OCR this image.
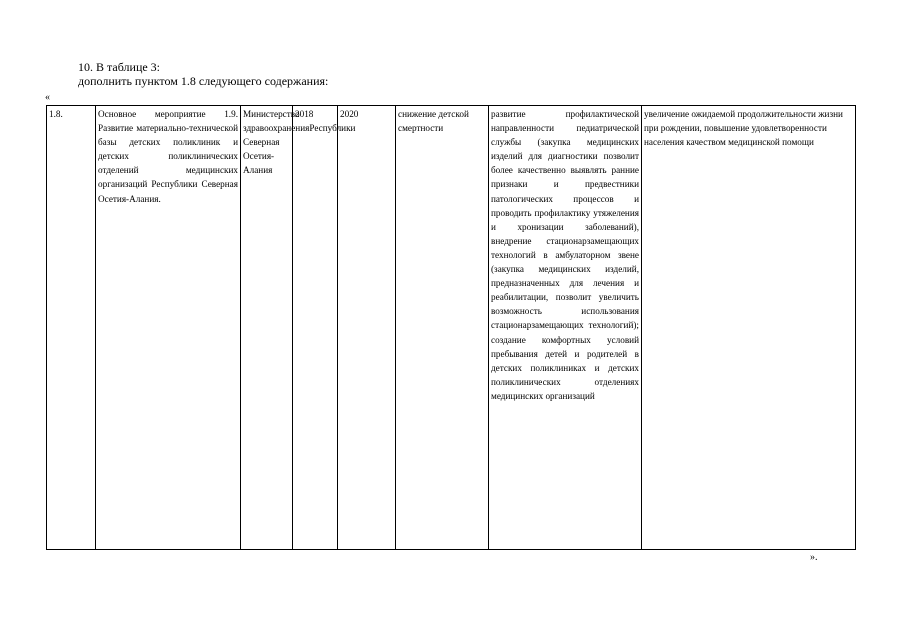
10. В таблице 3:
дополнить пунктом 1.8 следующего содержания:
«
1.8.	Основное мероприятие 1.9. Развитие материально-технической базы детских поликлиник и детских поликлинических отделений медицинских организаций Республики Северная Осетия-Алания.	Министерство здравоохраненияРеспублики Северная Осетия-Алания	2018	2020	снижение детской смертности	развитие профилактической направленности педиатрической службы (закупка медицинских изделий для диагностики позволит более качественно выявлять ранние признаки и предвестники патологических процессов и проводить профилактику утяжеления и хронизации заболеваний), внедрение стационарзамещающих технологий в амбулаторном звене (закупка медицинских изделий, предназначенных для лечения и реабилитации, позволит увеличить возможность использования стационарзамещающих технологий); создание комфортных условий пребывания детей и родителей в детских поликлиниках и детских поликлинических отделениях медицинских организаций	увеличение ожидаемой продолжительности жизни при рождении, повышение удовлетворенности населения качеством медицинской помощи
».
